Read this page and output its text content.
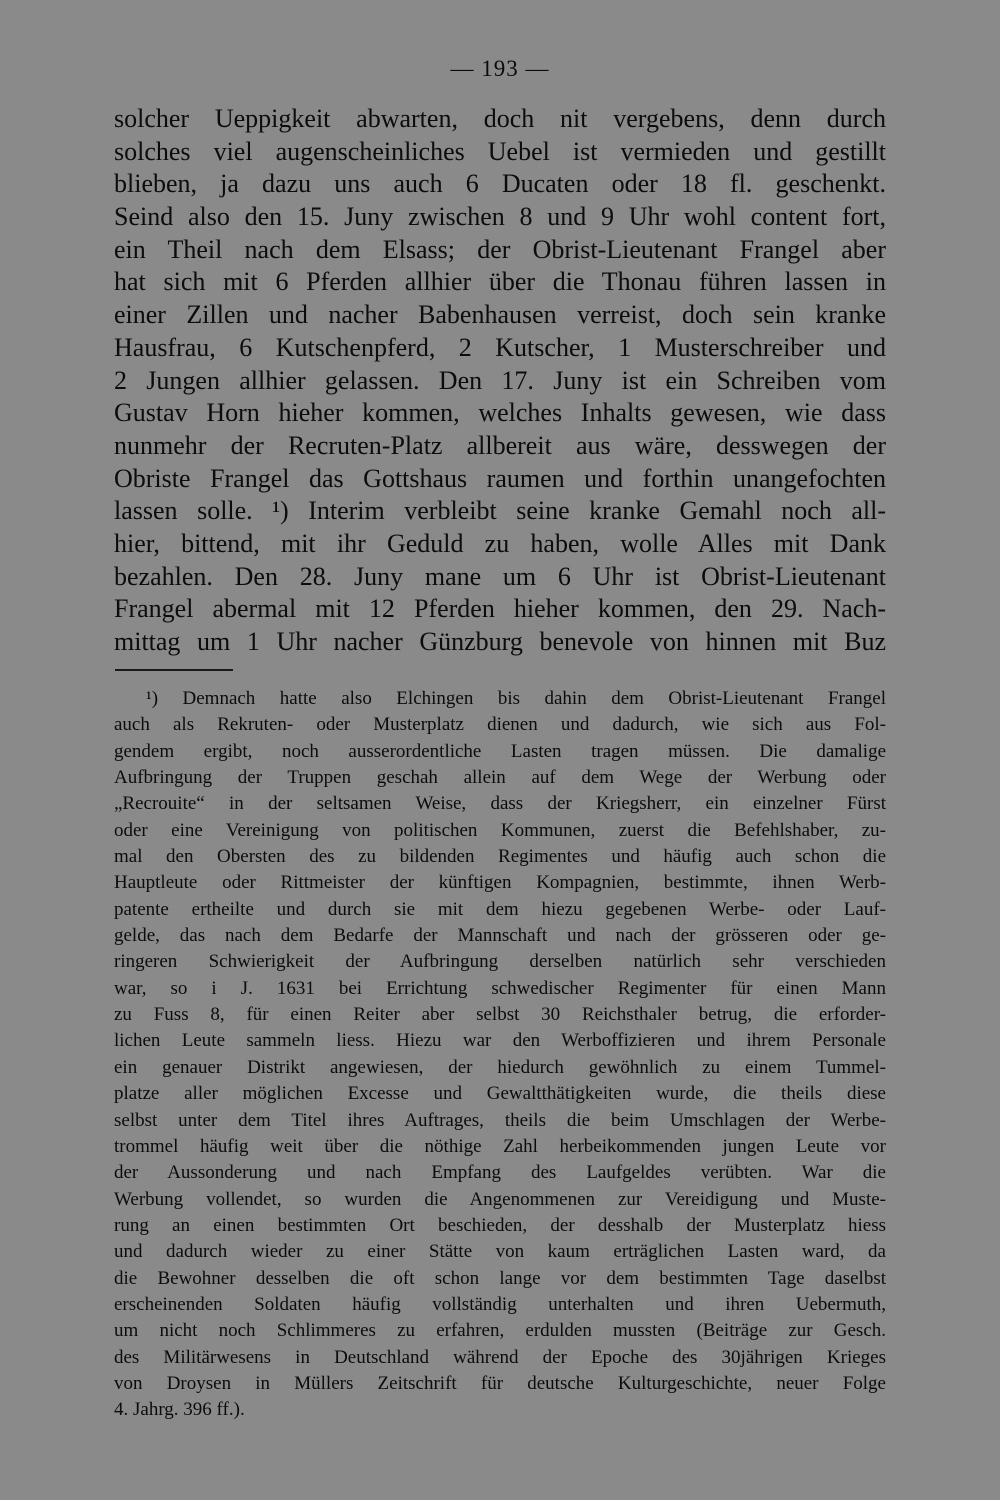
— 193 —
solcher Ueppigkeit abwarten, doch nit vergebens, denn durch
solches viel augenscheinliches Uebel ist vermieden und gestillt
blieben, ja dazu uns auch 6 Ducaten oder 18 fl. geschenkt.
Seind also den 15. Juny zwischen 8 und 9 Uhr wohl content fort,
ein Theil nach dem Elsass; der Obrist-Lieutenant Frangel aber
hat sich mit 6 Pferden allhier über die Thonau führen lassen in
einer Zillen und nacher Babenhausen verreist, doch sein kranke
Hausfrau, 6 Kutschenpferd, 2 Kutscher, 1 Musterschreiber und
2 Jungen allhier gelassen. Den 17. Juny ist ein Schreiben vom
Gustav Horn hieher kommen, welches Inhalts gewesen, wie dass
nunmehr der Recruten-Platz allbereit aus wäre, desswegen der
Obriste Frangel das Gottshaus raumen und forthin unangefochten
lassen solle. ¹) Interim verbleibt seine kranke Gemahl noch all-
hier, bittend, mit ihr Geduld zu haben, wolle Alles mit Dank
bezahlen. Den 28. Juny mane um 6 Uhr ist Obrist-Lieutenant
Frangel abermal mit 12 Pferden hieher kommen, den 29. Nach-
mittag um 1 Uhr nacher Günzburg benevole von hinnen mit Buz
¹) Demnach hatte also Elchingen bis dahin dem Obrist-Lieutenant Frangel
auch als Rekruten- oder Musterplatz dienen und dadurch, wie sich aus Fol-
gendem ergibt, noch ausserordentliche Lasten tragen müssen. Die damalige
Aufbringung der Truppen geschah allein auf dem Wege der Werbung oder
„Recrouite“ in der seltsamen Weise, dass der Kriegsherr, ein einzelner Fürst
oder eine Vereinigung von politischen Kommunen, zuerst die Befehlshaber, zu-
mal den Obersten des zu bildenden Regimentes und häufig auch schon die
Hauptleute oder Rittmeister der künftigen Kompagnien, bestimmte, ihnen Werb-
patente ertheilte und durch sie mit dem hiezu gegebenen Werbe- oder Lauf-
gelde, das nach dem Bedarfe der Mannschaft und nach der grösseren oder ge-
ringeren Schwierigkeit der Aufbringung derselben natürlich sehr verschieden
war, so i J. 1631 bei Errichtung schwedischer Regimenter für einen Mann
zu Fuss 8, für einen Reiter aber selbst 30 Reichsthaler betrug, die erforder-
lichen Leute sammeln liess. Hiezu war den Werboffizieren und ihrem Personale
ein genauer Distrikt angewiesen, der hiedurch gewöhnlich zu einem Tummel-
platze aller möglichen Excesse und Gewaltthätigkeiten wurde, die theils diese
selbst unter dem Titel ihres Auftrages, theils die beim Umschlagen der Werbe-
trommel häufig weit über die nöthige Zahl herbeikommenden jungen Leute vor
der Aussonderung und nach Empfang des Laufgeldes verübten. War die
Werbung vollendet, so wurden die Angenommenen zur Vereidigung und Muste-
rung an einen bestimmten Ort beschieden, der desshalb der Musterplatz hiess
und dadurch wieder zu einer Stätte von kaum erträglichen Lasten ward, da
die Bewohner desselben die oft schon lange vor dem bestimmten Tage daselbst
erscheinenden Soldaten häufig vollständig unterhalten und ihren Uebermuth,
um nicht noch Schlimmeres zu erfahren, erdulden mussten (Beiträge zur Gesch.
des Militärwesens in Deutschland während der Epoche des 30jährigen Krieges
von Droysen in Müllers Zeitschrift für deutsche Kulturgeschichte, neuer Folge
4. Jahrg. 396 ff.).
